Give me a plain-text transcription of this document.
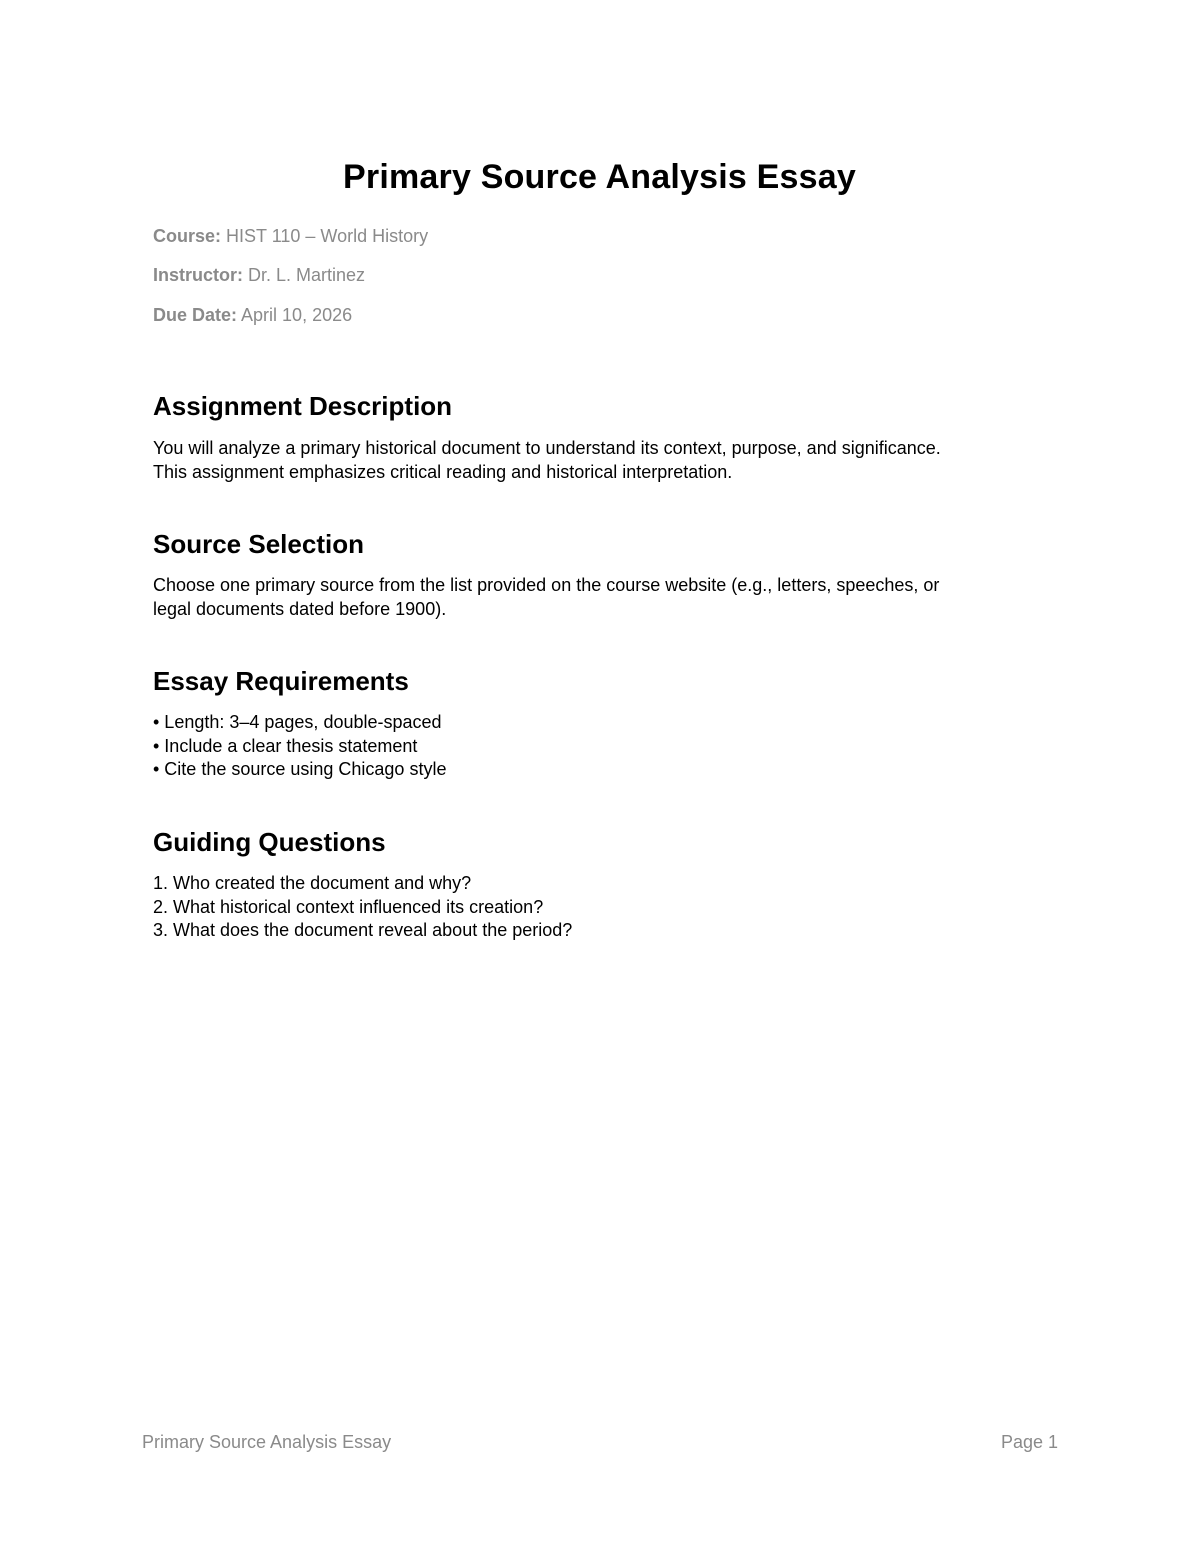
Primary Source Analysis Essay

Course: HIST 110 – World History

Instructor: Dr. L. Martinez

Due Date: April 10, 2026

Assignment Description

You will analyze a primary historical document to understand its context, purpose, and significance.
This assignment emphasizes critical reading and historical interpretation.

Source Selection

Choose one primary source from the list provided on the course website (e.g., letters, speeches, or
legal documents dated before 1900).

Essay Requirements
• Length: 3–4 pages, double-spaced
• Include a clear thesis statement
• Cite the source using Chicago style
Guiding Questions
1. Who created the document and why?
2. What historical context influenced its creation?
3. What does the document reveal about the period?
Primary Source Analysis Essay	Page 1
